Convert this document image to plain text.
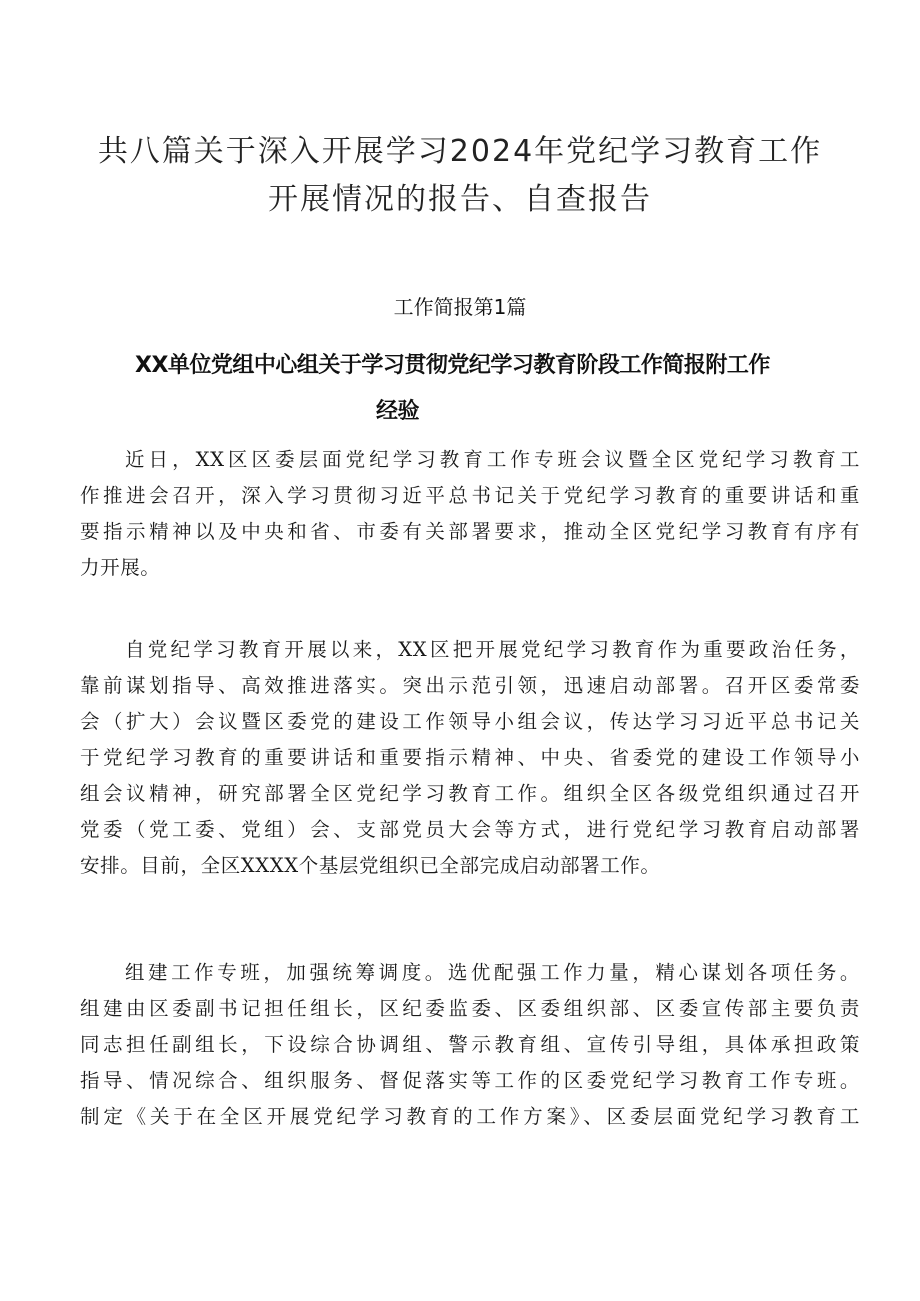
共八篇关于深入开展学习2024年党纪学习教育工作
开展情况的报告、自查报告
工作简报第1篇
XX单位党组中心组关于学习贯彻党纪学习教育阶段工作简报附工作
经验
近日，XX区区委层面党纪学习教育工作专班会议暨全区党纪学习教育工
作推进会召开，深入学习贯彻习近平总书记关于党纪学习教育的重要讲话和重
要指示精神以及中央和省、市委有关部署要求，推动全区党纪学习教育有序有
力开展。
自党纪学习教育开展以来，XX区把开展党纪学习教育作为重要政治任务，
靠前谋划指导、高效推进落实。突出示范引领，迅速启动部署。召开区委常委
会（扩大）会议暨区委党的建设工作领导小组会议，传达学习习近平总书记关
于党纪学习教育的重要讲话和重要指示精神、中央、省委党的建设工作领导小
组会议精神，研究部署全区党纪学习教育工作。组织全区各级党组织通过召开
党委（党工委、党组）会、支部党员大会等方式，进行党纪学习教育启动部署
安排。目前，全区XXXX个基层党组织已全部完成启动部署工作。
组建工作专班，加强统筹调度。选优配强工作力量，精心谋划各项任务。
组建由区委副书记担任组长，区纪委监委、区委组织部、区委宣传部主要负责
同志担任副组长，下设综合协调组、警示教育组、宣传引导组，具体承担政策
指导、情况综合、组织服务、督促落实等工作的区委党纪学习教育工作专班。
制定《关于在全区开展党纪学习教育的工作方案》、区委层面党纪学习教育工
